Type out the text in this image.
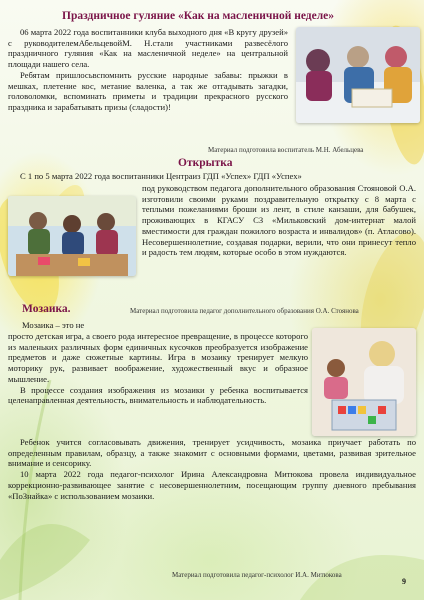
Праздничное гуляние «Как на масленичной неделе»

06 марта 2022 года воспитанники клуба выходного дня «В кругу друзей» с руководителемАбельцевойМ. Н.стали участниками развесёлого праздничного гуляния «Как на масленичной неделе» на центральной площади нашего села.

Ребятам пришлосьвспомнить русские народные забавы: прыжки в мешках, плетение кос, метание валенка, а так же отгадывать загадки, головоломки, вспоминать приметы и традиции прекрасного русского праздника и зарабатывать призы (сладости)!

Материал подготовила воспитатель М.Н. Абельцева
Открытка

С 1 по 5 марта 2022 года воспитанники Центраиз ГДП «Успех» ГДП «Успех»

под руководством педагога дополнительного образования Стояновой О.А. изготовили своими руками поздравительную открытку с 8 марта с теплыми пожеланиями броши из лент, в стиле канзаши, для бабушек, проживающих в КГАСУ СЗ «Мильковский дом-интернат малой вместимости для граждан пожилого возраста и инвалидов» (п. Атласово). Несовершеннолетние, создавая подарки, верили, что они принесут тепло и радость тем людям, которые особо в этом нуждаются.

Материал подготовила педагог дополнительного образования О.А. Стоянова
Мозаика.

Мозаика – это не

просто детская игра, а своего рода интересное превращение, в процессе которого из маленьких различных форм единичных кусочков преобразуется изображение предметов и даже сюжетные картины. Игра в мозаику тренирует мелкую моторику рук, развивает воображение, художественный вкус и образное мышление.

В процессе создания изображения из мозаики у ребенка воспитывается целенаправленная деятельность, внимательность и наблюдательность.

Ребенок учится согласовывать движения, тренирует усидчивость, мозаика приучает работать по определенным правилам, образцу, а также знакомит с основными формами, цветами, развивая зрительное внимание и сенсорику.

10 марта 2022 года педагог-психолог Ирина Александровна Митюкова провела индивидуальное коррекционно-развивающее занятие с несовершеннолетним, посещающим группу дневного пребывания «ПоЗнайка» с использованием мозаики.

Материал подготовила педагог-психолог И.А. Митюкова
9
